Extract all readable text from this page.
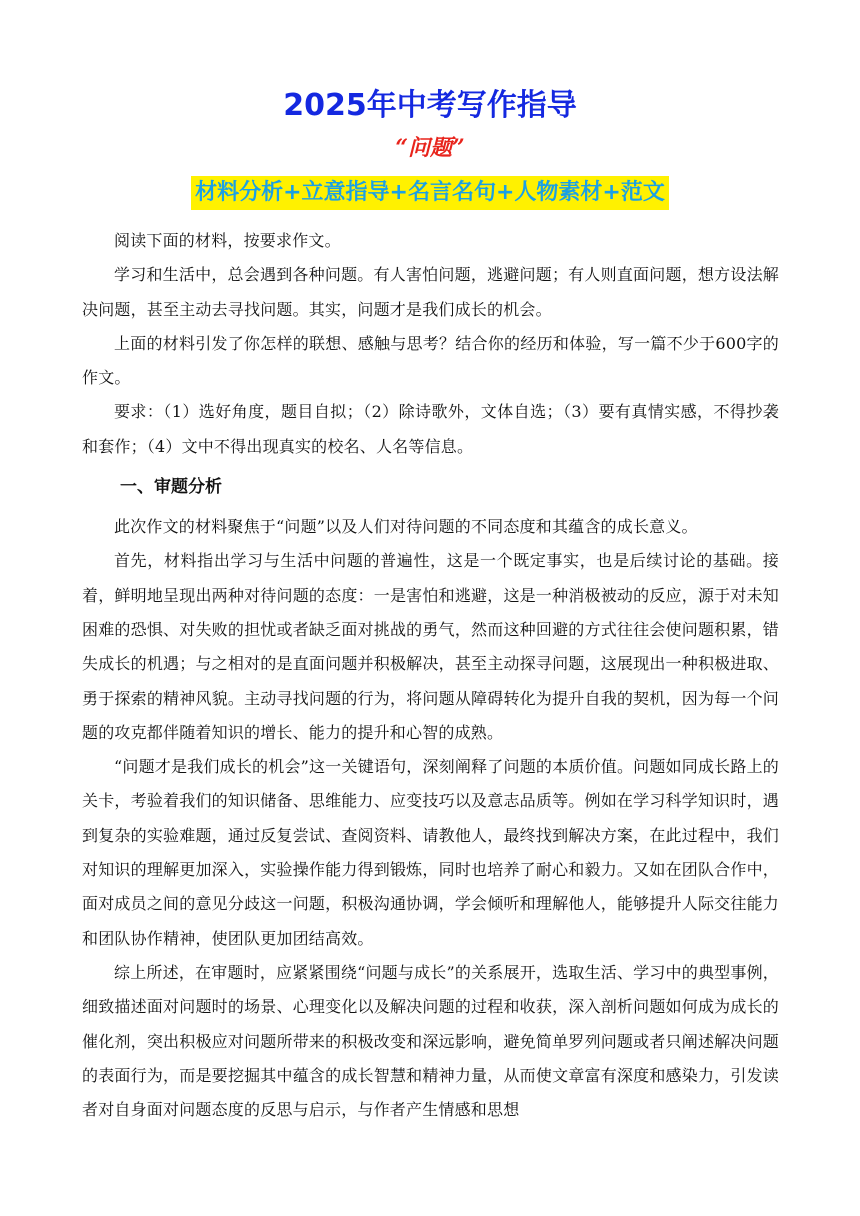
2025年中考写作指导
“问题”
材料分析+立意指导+名言名句+人物素材+范文

阅读下面的材料，按要求作文。

学习和生活中，总会遇到各种问题。有人害怕问题，逃避问题；有人则直面问题，想方设法解决问题，甚至主动去寻找问题。其实，问题才是我们成长的机会。

上面的材料引发了你怎样的联想、感触与思考？结合你的经历和体验，写一篇不少于600字的作文。

要求：（1）选好角度，题目自拟；（2）除诗歌外，文体自选；（3）要有真情实感，不得抄袭和套作；（4）文中不得出现真实的校名、人名等信息。

一、审题分析

此次作文的材料聚焦于“问题”以及人们对待问题的不同态度和其蕴含的成长意义。

首先，材料指出学习与生活中问题的普遍性，这是一个既定事实，也是后续讨论的基础。接着，鲜明地呈现出两种对待问题的态度：一是害怕和逃避，这是一种消极被动的反应，源于对未知困难的恐惧、对失败的担忧或者缺乏面对挑战的勇气，然而这种回避的方式往往会使问题积累，错失成长的机遇；与之相对的是直面问题并积极解决，甚至主动探寻问题，这展现出一种积极进取、勇于探索的精神风貌。主动寻找问题的行为，将问题从障碍转化为提升自我的契机，因为每一个问题的攻克都伴随着知识的增长、能力的提升和心智的成熟。

“问题才是我们成长的机会”这一关键语句，深刻阐释了问题的本质价值。问题如同成长路上的关卡，考验着我们的知识储备、思维能力、应变技巧以及意志品质等。例如在学习科学知识时，遇到复杂的实验难题，通过反复尝试、查阅资料、请教他人，最终找到解决方案，在此过程中，我们对知识的理解更加深入，实验操作能力得到锻炼，同时也培养了耐心和毅力。又如在团队合作中，面对成员之间的意见分歧这一问题，积极沟通协调，学会倾听和理解他人，能够提升人际交往能力和团队协作精神，使团队更加团结高效。

综上所述，在审题时，应紧紧围绕“问题与成长”的关系展开，选取生活、学习中的典型事例，细致描述面对问题时的场景、心理变化以及解决问题的过程和收获，深入剖析问题如何成为成长的催化剂，突出积极应对问题所带来的积极改变和深远影响，避免简单罗列问题或者只阐述解决问题的表面行为，而是要挖掘其中蕴含的成长智慧和精神力量，从而使文章富有深度和感染力，引发读者对自身面对问题态度的反思与启示，与作者产生情感和思想
